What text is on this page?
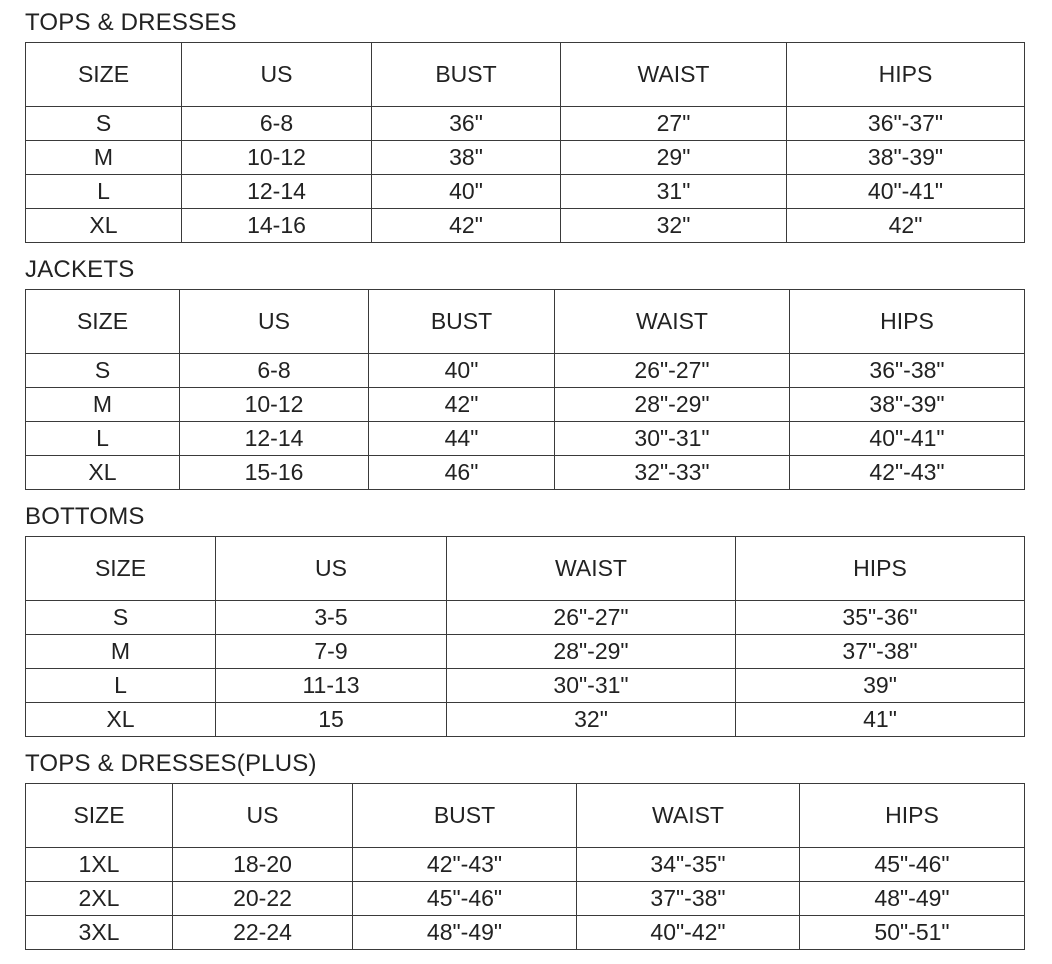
TOPS & DRESSES
SIZE	US	BUST	WAIST	HIPS
S	6-8	36"	27"	36"-37"
M	10-12	38"	29"	38"-39"
L	12-14	40"	31"	40"-41"
XL	14-16	42"	32"	42"
JACKETS
SIZE	US	BUST	WAIST	HIPS
S	6-8	40"	26"-27"	36"-38"
M	10-12	42"	28"-29"	38"-39"
L	12-14	44"	30"-31"	40"-41"
XL	15-16	46"	32"-33"	42"-43"
BOTTOMS
SIZE	US	WAIST	HIPS
S	3-5	26"-27"	35"-36"
M	7-9	28"-29"	37"-38"
L	11-13	30"-31"	39"
XL	15	32"	41"
TOPS & DRESSES(PLUS)
SIZE	US	BUST	WAIST	HIPS
1XL	18-20	42"-43"	34"-35"	45"-46"
2XL	20-22	45"-46"	37"-38"	48"-49"
3XL	22-24	48"-49"	40"-42"	50"-51"
